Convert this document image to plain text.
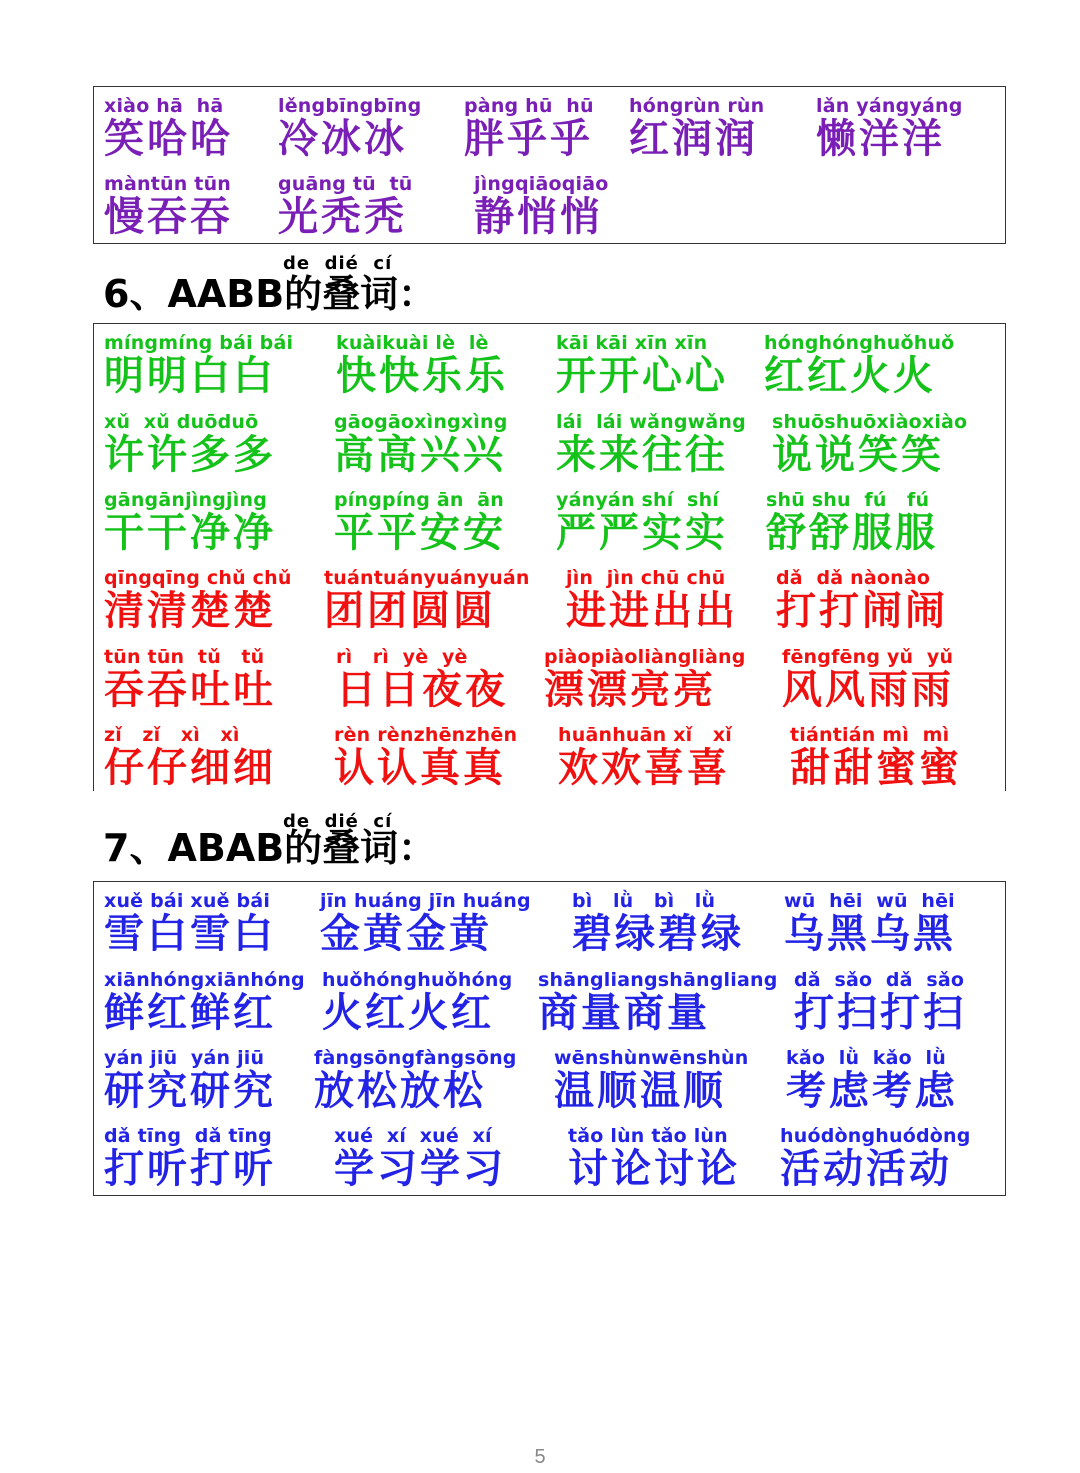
xiào hā  hā
笑哈哈
lěngbīngbīng
冷冰冰
pàng hū  hū
胖乎乎
hóngrùn rùn
红润润
lǎn yángyáng
懒洋洋
màntūn tūn
慢吞吞
guāng tū  tū
光秃秃
jìngqiāoqiāo
静悄悄
de  dié  cí
6、AABB的叠词：
míngmíng bái bái
明明白白
kuàikuài lè  lè
快快乐乐
kāi kāi xīn xīn
开开心心
hónghónghuǒhuǒ
红红火火
xǔ  xǔ duōduō
许许多多
gāogāoxìngxìng
高高兴兴
lái  lái wǎngwǎng
来来往往
shuōshuōxiàoxiào
说说笑笑
gāngānjìngjìng
干干净净
píngpíng ān  ān
平平安安
yányán shí  shí
严严实实
shū shu  fú   fú
舒舒服服
qīngqīng chǔ chǔ
清清楚楚
tuántuányuányuán
团团圆圆
jìn  jìn chū chū
进进出出
dǎ  dǎ nàonào
打打闹闹
tūn tūn  tǔ   tǔ
吞吞吐吐
rì   rì  yè  yè
日日夜夜
piàopiàoliàngliàng
漂漂亮亮
fēngfēng yǔ  yǔ
风风雨雨
zǐ   zǐ   xì   xì
仔仔细细
rèn rènzhēnzhēn
认认真真
huānhuān xǐ   xǐ
欢欢喜喜
tiántián mì  mì
甜甜蜜蜜
de  dié  cí
7、ABAB的叠词：
xuě bái xuě bái
雪白雪白
jīn huáng jīn huáng
金黄金黄
bì   lǜ   bì   lǜ
碧绿碧绿
wū  hēi  wū  hēi
乌黑乌黑
xiānhóngxiānhóng
鲜红鲜红
huǒhónghuǒhóng
火红火红
shāngliangshāngliang
商量商量
dǎ  sǎo  dǎ  sǎo
打扫打扫
yán jiū  yán jiū
研究研究
fàngsōngfàngsōng
放松放松
wēnshùnwēnshùn
温顺温顺
kǎo  lǜ  kǎo  lǜ
考虑考虑
dǎ tīng  dǎ tīng
打听打听
xué  xí  xué  xí
学习学习
tǎo lùn tǎo lùn
讨论讨论
huódònghuódòng
活动活动
5
